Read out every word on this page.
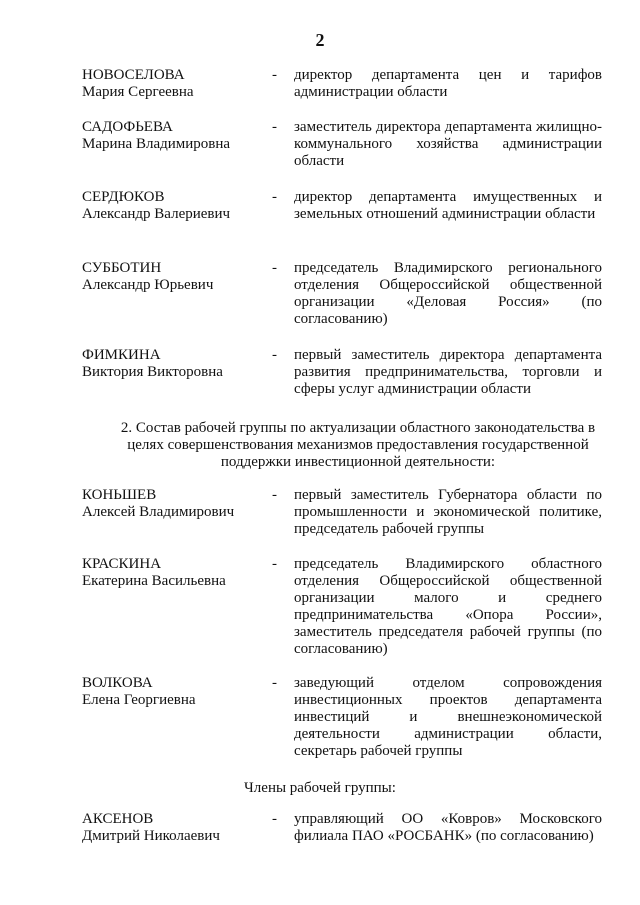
2
НОВОСЕЛОВА
Мария Сергеевна
- директор департамента цен и тарифов администрации области
САДОФЬЕВА
Марина Владимировна
- заместитель директора департамента жилищно-коммунального хозяйства администрации области
СЕРДЮКОВ
Александр Валериевич
- директор департамента имущественных и земельных отношений администрации области
СУББОТИН
Александр Юрьевич
- председатель Владимирского регионального отделения Общероссийской общественной организации «Деловая Россия» (по согласованию)
ФИМКИНА
Виктория Викторовна
- первый заместитель директора департамента развития предпринимательства, торговли и сферы услуг администрации области
2. Состав рабочей группы по актуализации областного законодательства в целях совершенствования механизмов предоставления государственной поддержки инвестиционной деятельности:
КОНЬШЕВ
Алексей Владимирович
- первый заместитель Губернатора области по промышленности и экономической политике, председатель рабочей группы
КРАСКИНА
Екатерина Васильевна
- председатель Владимирского областного отделения Общероссийской общественной организации малого и среднего предпринимательства «Опора России», заместитель председателя рабочей группы (по согласованию)
ВОЛКОВА
Елена Георгиевна
- заведующий отделом сопровождения инвестиционных проектов департамента инвестиций и внешнеэкономической деятельности администрации области, секретарь рабочей группы
Члены рабочей группы:
АКСЕНОВ
Дмитрий Николаевич
- управляющий ОО «Ковров» Московского филиала ПАО «РОСБАНК» (по согласованию)
